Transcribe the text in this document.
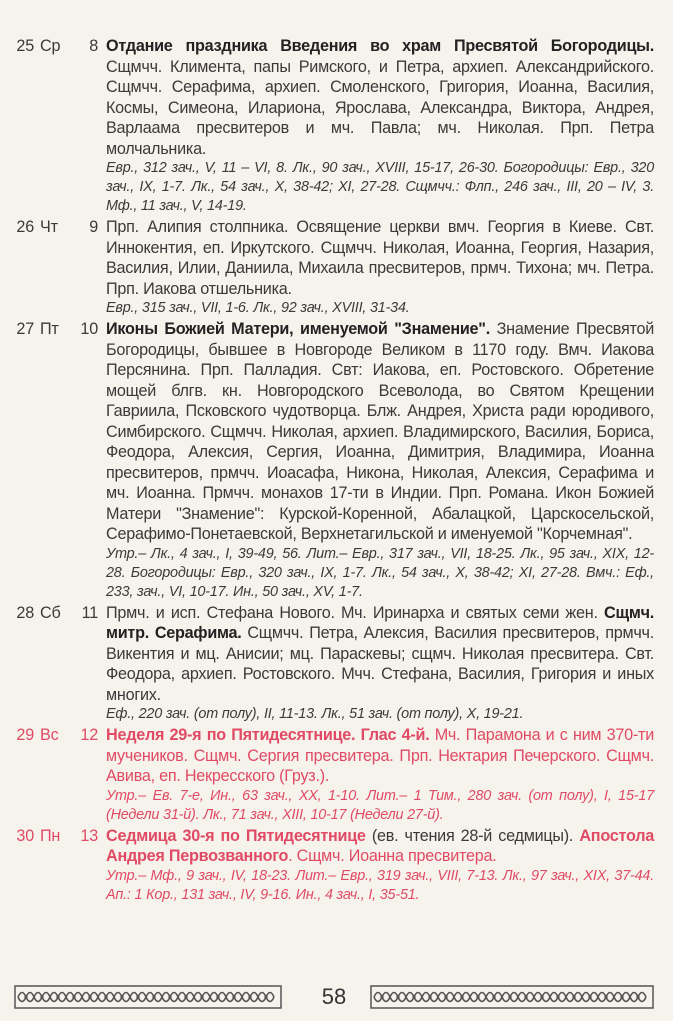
25 Ср 8 Отдание праздника Введения во храм Пресвятой Богородицы. Сщмчч. Климента, папы Римского, и Петра, архиеп. Александрийского. Сщмчч. Серафима, архиеп. Смоленского, Григория, Иоанна, Василия, Космы, Симеона, Илариона, Ярослава, Александра, Виктора, Андрея, Варлаама пресвитеров и мч. Павла; мч. Николая. Прп. Петра молчальника.
Евр., 312 зач., V, 11 – VI, 8. Лк., 90 зач., XVIII, 15-17, 26-30. Богородицы: Евр., 320 зач., IX, 1-7. Лк., 54 зач., X, 38-42; XI, 27-28. Сщмчч.: Флп., 246 зач., III, 20 – IV, 3. Мф., 11 зач., V, 14-19.
26 Чт 9 Прп. Алипия столпника. Освящение церкви вмч. Георгия в Киеве. Свт. Иннокентия, еп. Иркутского. Сщмчч. Николая, Иоанна, Георгия, Назария, Василия, Илии, Даниила, Михаила пресвитеров, прмч. Тихона; мч. Петра. Прп. Иакова отшельника.
Евр., 315 зач., VII, 1-6. Лк., 92 зач., XVIII, 31-34.
27 Пт 10 Иконы Божией Матери, именуемой "Знамение". Знамение Пресвятой Богородицы, бывшее в Новгороде Великом в 1170 году. Вмч. Иакова Персянина. Прп. Палладия. Свт: Иакова, еп. Ростовского. Обретение мощей блгв. кн. Новгородского Всеволода, во Святом Крещении Гавриила, Псковского чудотворца. Блж. Андрея, Христа ради юродивого, Симбирского. Сщмчч. Николая, архиеп. Владимирского, Василия, Бориса, Феодора, Алексия, Сергия, Иоанна, Димитрия, Владимира, Иоанна пресвитеров, прмчч. Иоасафа, Никона, Николая, Алексия, Серафима и мч. Иоанна. Прмчч. монахов 17-ти в Индии. Прп. Романа. Икон Божией Матери "Знамение": Курской-Коренной, Абалацкой, Царскосельской, Серафимо-Понетаевской, Верхнетагильской и именуемой "Корчемная".
Утр.– Лк., 4 зач., I, 39-49, 56. Лит.– Евр., 317 зач., VII, 18-25. Лк., 95 зач., XIX, 12-28. Богородицы: Евр., 320 зач., IX, 1-7. Лк., 54 зач., X, 38-42; XI, 27-28. Вмч.: Еф., 233, зач., VI, 10-17. Ин., 50 зач., XV, 1-7.
28 Сб 11 Прмч. и исп. Стефана Нового. Мч. Иринарха и святых семи жен. Сщмч. митр. Серафима. Сщмчч. Петра, Алексия, Василия пресвитеров, прмчч. Викентия и мц. Анисии; мц. Параскевы; сщмч. Николая пресвитера. Свт. Феодора, архиеп. Ростовского. Мчч. Стефана, Василия, Григория и иных многих.
Еф., 220 зач. (от полу), II, 11-13. Лк., 51 зач. (от полу), X, 19-21.
29 Вс 12 Неделя 29-я по Пятидесятнице. Глас 4-й. Мч. Парамона и с ним 370-ти мучеников. Сщмч. Сергия пресвитера. Прп. Нектария Печерского. Сщмч. Авива, еп. Некресского (Груз.).
Утр.– Ев. 7-е, Ин., 63 зач., XX, 1-10. Лит.– 1 Тим., 280 зач. (от полу), I, 15-17 (Недели 31-й). Лк., 71 зач., XIII, 10-17 (Недели 27-й).
30 Пн 13 Седмица 30-я по Пятидесятнице (ев. чтения 28-й седмицы). Апостола Андрея Первозванного. Сщмч. Иоанна пресвитера.
Утр.– Мф., 9 зач., IV, 18-23. Лит.– Евр., 319 зач., VIII, 7-13. Лк., 97 зач., XIX, 37-44. Ап.: 1 Кор., 131 зач., IV, 9-16. Ин., 4 зач., I, 35-51.
58
